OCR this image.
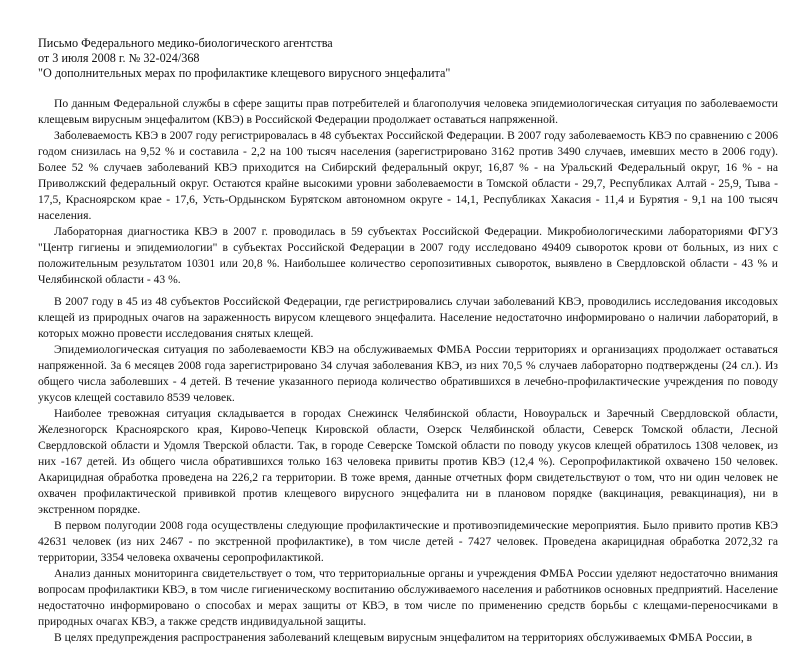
Письмо Федерального медико-биологического агентства

от 3 июля 2008 г. № 32-024/368

"О дополнительных мерах по профилактике клещевого вирусного энцефалита"

По данным Федеральной службы в сфере защиты прав потребителей и благополучия человека эпидемиологическая ситуация по заболеваемости клещевым вирусным энцефалитом (КВЭ) в Российской Федерации продолжает оставаться напряженной.

Заболеваемость КВЭ в 2007 году регистрировалась в 48 субъектах Российской Федерации. В 2007 году заболеваемость КВЭ по сравнению с 2006 годом снизилась на 9,52 % и составила - 2,2 на 100 тысяч населения (зарегистрировано 3162 против 3490 случаев, имевших место в 2006 году). Более 52 % случаев заболеваний КВЭ приходится на Сибирский федеральный округ, 16,87 % - на Уральский Федеральный округ, 16 % - на Приволжский федеральный округ. Остаются крайне высокими уровни заболеваемости в Томской области - 29,7, Республиках Алтай - 25,9, Тыва - 17,5, Красноярском крае - 17,6, Усть-Ордынском Бурятском автономном округе - 14,1, Республиках Хакасия - 11,4 и Бурятия - 9,1 на 100 тысяч населения.

Лабораторная диагностика КВЭ в 2007 г. проводилась в 59 субъектах Российской Федерации. Микробиологическими лабораториями ФГУЗ "Центр гигиены и эпидемиологии" в субъектах Российской Федерации в 2007 году исследовано 49409 сывороток крови от больных, из них с положительным результатом 10301 или 20,8 %. Наибольшее количество серопозитивных сывороток, выявлено в Свердловской области - 43 % и Челябинской области - 43 %.

В 2007 году в 45 из 48 субъектов Российской Федерации, где регистрировались случаи заболеваний КВЭ, проводились исследования иксодовых клещей из природных очагов на зараженность вирусом клещевого энцефалита. Население недостаточно информировано о наличии лабораторий, в которых можно провести исследования снятых клещей.

Эпидемиологическая ситуация по заболеваемости КВЭ на обслуживаемых ФМБА России территориях и организациях продолжает оставаться напряженной. За 6 месяцев 2008 года зарегистрировано 34 случая заболевания КВЭ, из них 70,5 % случаев лабораторно подтверждены (24 сл.). Из общего числа заболевших - 4 детей. В течение указанного периода количество обратившихся в лечебно-профилактические учреждения по поводу укусов клещей составило 8539 человек.

Наиболее тревожная ситуация складывается в городах Снежинск Челябинской области, Новоуральск и Заречный Свердловской области, Железногорск Красноярского края, Кирово-Чепецк Кировской области, Озерск Челябинской области, Северск Томской области, Лесной Свердловской области и Удомля Тверской области. Так, в городе Северске Томской области по поводу укусов клещей обратилось 1308 человек, из них -167 детей. Из общего числа обратившихся только 163 человека привиты против КВЭ (12,4 %). Серопрофилактикой охвачено 150 человек. Акарицидная обработка проведена на 226,2 га территории. В тоже время, данные отчетных форм свидетельствуют о том, что ни один человек не охвачен профилактической прививкой против клещевого вирусного энцефалита ни в плановом порядке (вакцинация, ревакцинация), ни в экстренном порядке.

В первом полугодии 2008 года осуществлены следующие профилактические и противоэпидемические мероприятия. Было привито против КВЭ 42631 человек (из них 2467 - по экстренной профилактике), в том числе детей - 7427 человек. Проведена акарицидная обработка 2072,32 га территории, 3354 человека охвачены серопрофилактикой.

Анализ данных мониторинга свидетельствует о том, что территориальные органы и учреждения ФМБА России уделяют недостаточно внимания вопросам профилактики КВЭ, в том числе гигиеническому воспитанию обслуживаемого населения и работников основных предприятий. Население недостаточно информировано о способах и мерах защиты от КВЭ, в том числе по применению средств борьбы с клещами-переносчиками в природных очагах КВЭ, а также средств индивидуальной защиты.

В целях предупреждения распространения заболеваний клещевым вирусным энцефалитом на территориях обслуживаемых ФМБА России, в
